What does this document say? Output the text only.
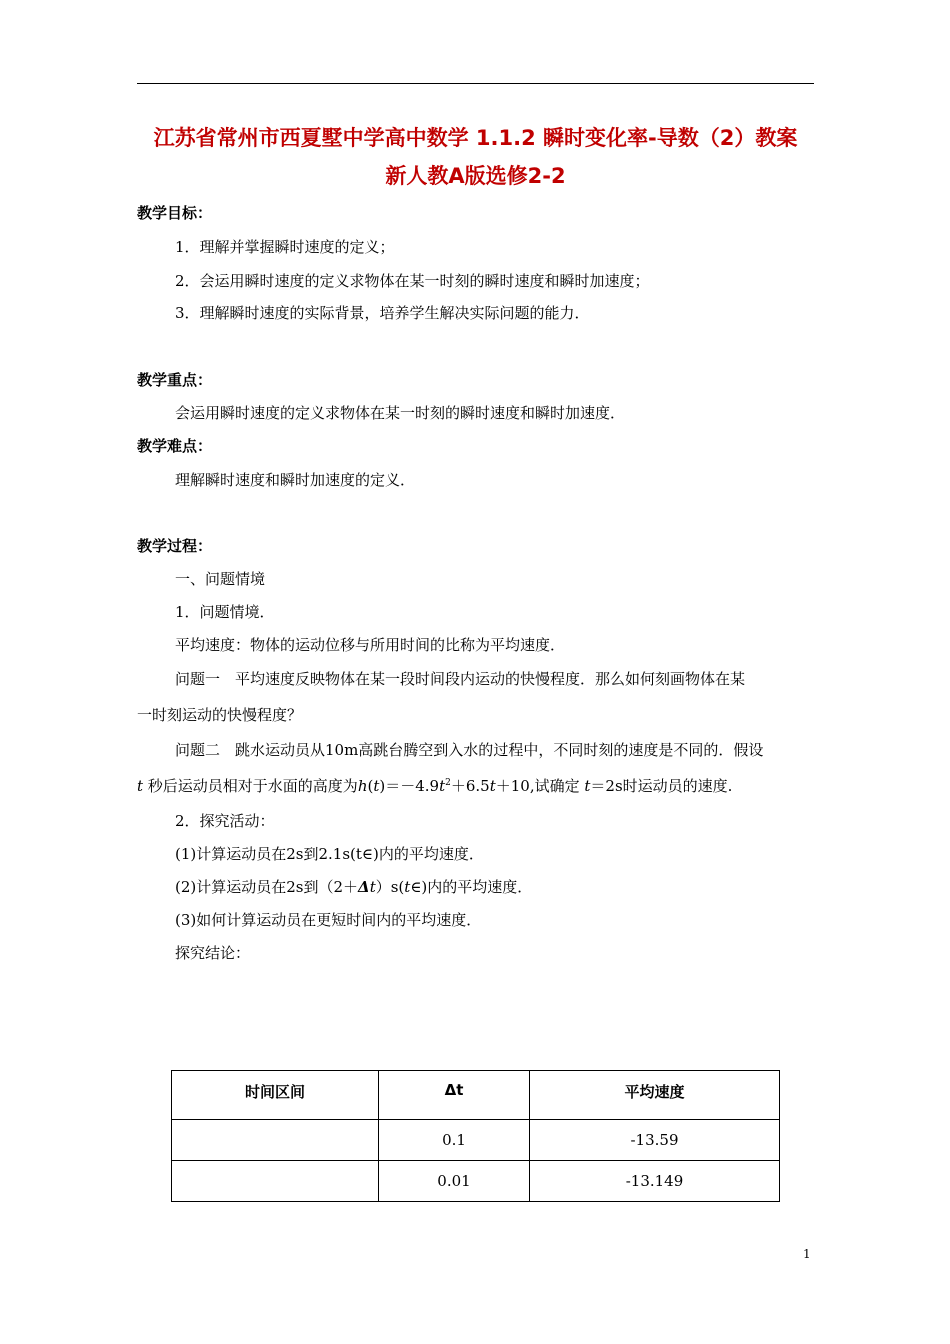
江苏省常州市西夏墅中学高中数学 1.1.2 瞬时变化率-导数（2）教案
新人教A版选修2-2
教学目标：
1．理解并掌握瞬时速度的定义；
2．会运用瞬时速度的定义求物体在某一时刻的瞬时速度和瞬时加速度；
3．理解瞬时速度的实际背景，培养学生解决实际问题的能力．
教学重点：
会运用瞬时速度的定义求物体在某一时刻的瞬时速度和瞬时加速度．
教学难点：
理解瞬时速度和瞬时加速度的定义．
教学过程：
一、问题情境
1．问题情境．
平均速度：物体的运动位移与所用时间的比称为平均速度．
问题一　平均速度反映物体在某一段时间段内运动的快慢程度．那么如何刻画物体在某
一时刻运动的快慢程度？
问题二　跳水运动员从10m高跳台腾空到入水的过程中，不同时刻的速度是不同的．假设
t 秒后运动员相对于水面的高度为$h(t)=-4.9t^2+6.5t+10$,试确定 t＝2s时运动员的速度.
2．探究活动：
(1)计算运动员在2s到2.1s(t∈)内的平均速度．
(2)计算运动员在2s到（2＋Δt）s(t∈)内的平均速度．
(3)如何计算运动员在更短时间内的平均速度．
探究结论：
时间区间	Δt	平均速度
	0.1	-13.59
	0.01	-13.149
1
